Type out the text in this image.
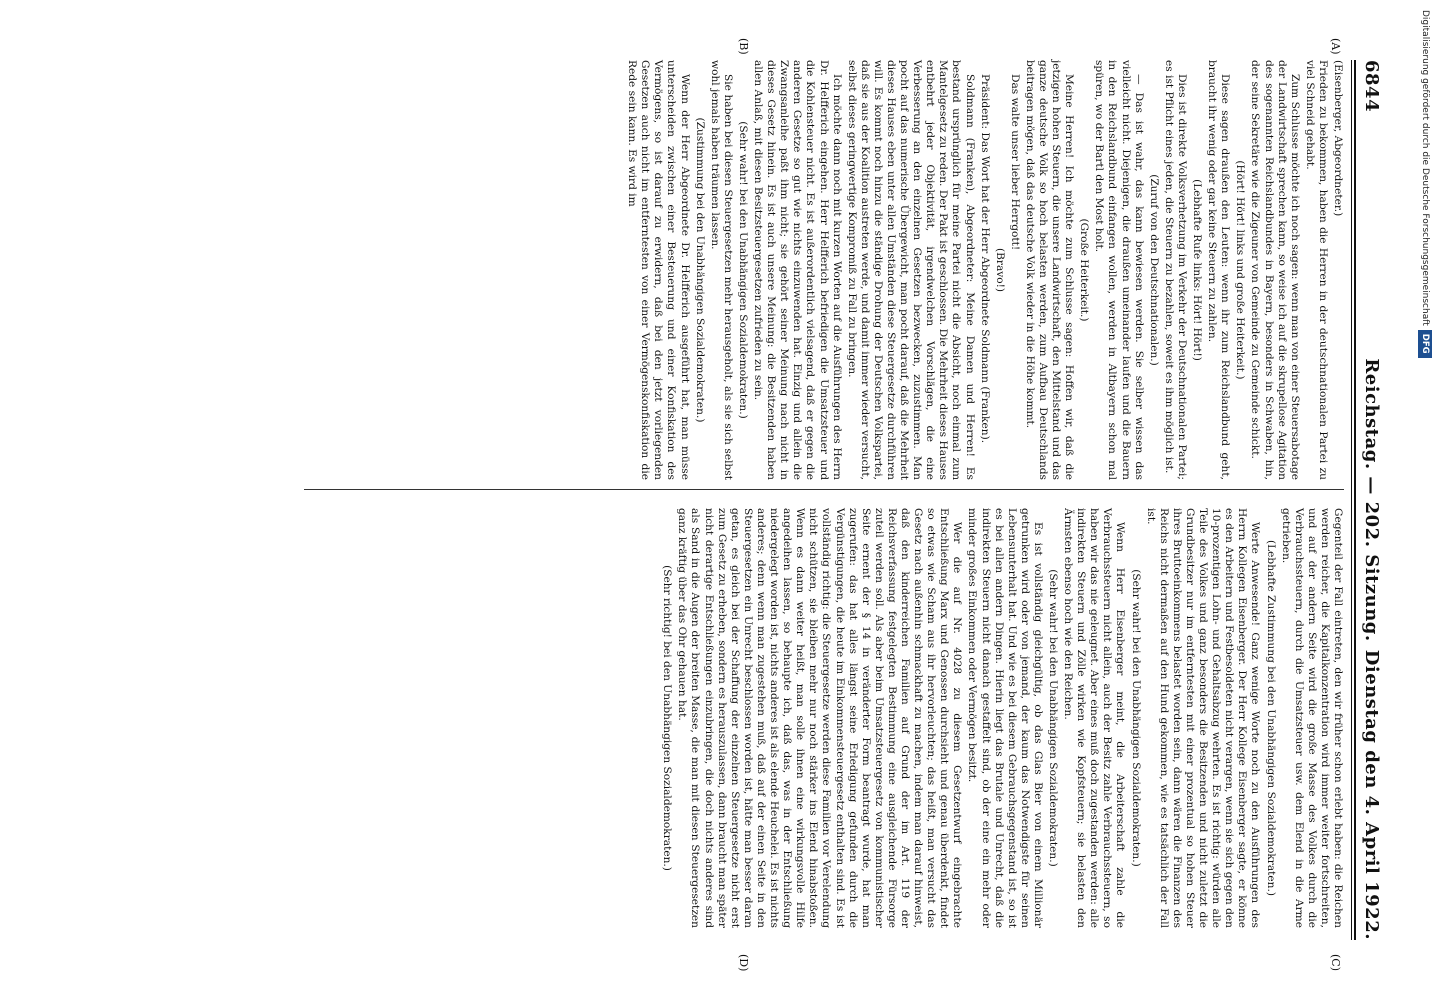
6844
Reichstag. — 202. Sitzung.
Dienstag den 4. April 1922.
(A)
(B)
(C)
(D)

(Eisenberger, Abgeordneter.)

Frieden zu bekommen, haben die Herren in der deutschnationalen Partei zu viel Schneid gehabt.

Zum Schlusse möchte ich noch sagen: wenn man von einer Steuersabotage der Landwirtschaft sprechen kann, so weise ich auf die skrupellose Agitation des sogenannten Reichslandbundes in Bayern, besonders in Schwaben, hin, der seine Sekretäre wie die Zigeuner von Gemeinde zu Gemeinde schickt.

(Hört! Hört! links und große Heiterkeit.)

Diese sagen draußen den Leuten: wenn ihr zum Reichslandbund geht, braucht ihr wenig oder gar keine Steuern zu zahlen.

(Lebhafte Rufe links: Hört! Hört!)

Dies ist direkte Volksverhetzung im Verkehr der Deutschnationalen Partei; es ist Pflicht eines jeden, die Steuern zu bezahlen, soweit es ihm möglich ist.

(Zuruf von den Deutschnationalen.)

— Das ist wahr, das kann bewiesen werden. Sie selber wissen das vielleicht nicht. Diejenigen, die draußen umeinander laufen und die Bauern in den Reichslandbund einfangen wollen, werden in Altbayern schon mal spüren, wo der Bartl den Most holt.

(Große Heiterkeit.)

Meine Herren! Ich möchte zum Schlusse sagen: Hoffen wir, daß die jetzigen hohen Steuern, die unsere Landwirtschaft, den Mittelstand und das ganze deutsche Volk so hoch belasten werden, zum Aufbau Deutschlands beitragen mögen, daß das deutsche Volk wieder in die Höhe kommt.

Das walte unser lieber Herrgott!

(Bravo!)

Präsident: Das Wort hat der Herr Abgeordnete Soldmann (Franken).

Soldmann (Franken), Abgeordneter: Meine Damen und Herren! Es bestand ursprünglich für meine Partei nicht die Absicht, noch einmal zum Mantelgesetz zu reden. Der Pakt ist geschlossen. Die Mehrheit dieses Hauses entbehrt jeder Objektivität, irgendwelchen Vorschlägen, die eine Verbesserung an den einzelnen Gesetzen bezwecken, zuzustimmen. Man pocht auf das numerische Übergewicht, man pocht darauf, daß die Mehrheit dieses Hauses eben unter allen Umständen diese Steuergesetze durchführen will. Es kommt noch hinzu die ständige Drohung der Deutschen Volkspartei, daß sie aus der Koalition austreten werde, und damit immer wieder versucht, selbst dieses geringwertige Kompromiß zu Fall zu bringen.

Ich möchte dann noch mit kurzen Worten auf die Ausführungen des Herrn Dr. Helfferich eingehen. Herr Helfferich befriedigen die Umsatzsteuer und die Kohlensteuer nicht. Es ist außerordentlich vielsagend, daß er gegen die anderen Gesetze so gut wie nichts einzuwenden hat. Einzig und allein die Zwangsanleihe paßt ihm nicht; sie gehört seiner Meinung nach nicht in dieses Gesetz hinein. Es ist auch unsere Meinung: die Besitzenden haben allen Anlaß, mit diesen Besitzsteuergesetzen zufrieden zu sein.

(Sehr wahr! bei den Unabhängigen Sozialdemokraten.)

Sie haben bei diesen Steuergesetzen mehr herausgeholt, als sie sich selbst wohl jemals haben träumen lassen.

(Zustimmung bei den Unabhängigen Sozialdemokraten.)

Wenn der Herr Abgeordnete Dr. Helfferich ausgeführt hat, man müsse unterscheiden zwischen einer Besteuerung und einer Konfiskation des Vermögens, so ist darauf zu erwidern, daß bei den jetzt vorliegenden Gesetzen auch nicht im entferntesten von einer Vermögenskonfiskation die Rede sein kann. Es wird im

Gegenteil der Fall eintreten, den wir früher schon erlebt haben: die Reichen werden reicher, die Kapitalkonzentration wird immer weiter fortschreiten, und auf der andern Seite wird die große Masse des Volkes durch die Verbrauchssteuern, durch die Umsatzsteuer usw. dem Elend in die Arme getrieben.

(Lebhafte Zustimmung bei den Unabhängigen Sozialdemokraten.)

Werte Anwesende! Ganz wenige Worte noch zu den Ausführungen des Herrn Kollegen Eisenberger. Der Herr Kollege Eisenberger sagte, er könne es den Arbeitern und Festbesoldeten nicht verargen, wenn sie sich gegen den 10-prozentigen Lohn- und Gehaltsabzug wehrten. Es ist richtig: würden alle Teile des Volkes und ganz besonders die Besitzenden und nicht zuletzt die Grundbesitzer nur im entferntesten mit einer prozentual so hohen Steuer ihres Bruttoeinkommens belastet worden sein, dann wären die Finanzen des Reichs nicht dermaßen auf den Hund gekommen, wie es tatsächlich der Fall ist.

(Sehr wahr! bei den Unabhängigen Sozialdemokraten.)

Wenn Herr Eisenberger meint, die Arbeiterschaft zahle die Verbrauchssteuern nicht allein, auch der Besitz zahle Verbrauchssteuern, so haben wir das nie geleugnet. Aber eines muß doch zugestanden werden: alle indirekten Steuern und Zölle wirken wie Kopfsteuern; sie belasten den Ärmsten ebenso hoch wie den Reichen.

(Sehr wahr! bei den Unabhängigen Sozialdemokraten.)

Es ist vollständig gleichgültig, ob das Glas Bier von einem Millionär getrunken wird oder von jemand, der kaum das Notwendigste für seinen Lebensunterhalt hat. Und wie es bei diesem Gebrauchsgegenstand ist, so ist es bei allen andern Dingen. Hierin liegt das Brutale und Unrecht, daß die indirekten Steuern nicht danach gestaffelt sind, ob der eine ein mehr oder minder großes Einkommen oder Vermögen besitzt.

Wer die auf Nr. 4028 zu diesem Gesetzentwurf eingebrachte Entschließung Marx und Genossen durchsieht und genau überdenkt, findet so etwas wie Scham aus ihr hervorleuchten; das heißt, man versucht das Gesetz nach außenhin schmackhaft zu machen, indem man darauf hinweist, daß den kinderreichen Familien auf Grund der im Art. 119 der Reichsverfassung festgelegten Bestimmung eine ausgleichende Fürsorge zuteil werden soll. Als aber beim Umsatzsteuergesetz von kommunistischer Seite ernent der § 14 in veränderter Form beantragt wurde, hat man zugerufen: das hat alles längst seine Erledigung gefunden durch die Vergünstigungen, die heute im Einkommensteuergesetz enthalten sind. Es ist vollständig richtig: die Steuergesetze werden diese Familien vor Verelendung nicht schützen, sie bleiben mehr nur noch stärker ins Elend hinabstoßen. Wenn es dann weiter heißt, man solle ihnen eine wirkungsvolle Hilfe angedeihen lassen, so behaupte ich, daß das, was in der Entschließung niedergelegt worden ist, nichts anderes ist als elende Heuchelei. Es ist nichts anderes; denn wenn man zugestehen muß, daß auf der einen Seite in den Steuergesetzen ein Unrecht beschlossen worden ist, hätte man besser daran getan, es gleich bei der Schaffung der einzelnen Steuergesetze nicht erst zum Gesetz zu erheben, sondern es herauszulassen, dann braucht man später nicht derartige Entschließungen einzubringen, die doch nichts anderes sind als Sand in die Augen der breiten Masse, die man mit diesen Steuergesetzen ganz kräftig über das Ohr gehauen hat.

(Sehr richtig! bei den Unabhängigen Sozialdemokraten.)

Digitalisierung gefördert durch die Deutsche ForschungsgemeinschaftDFG
